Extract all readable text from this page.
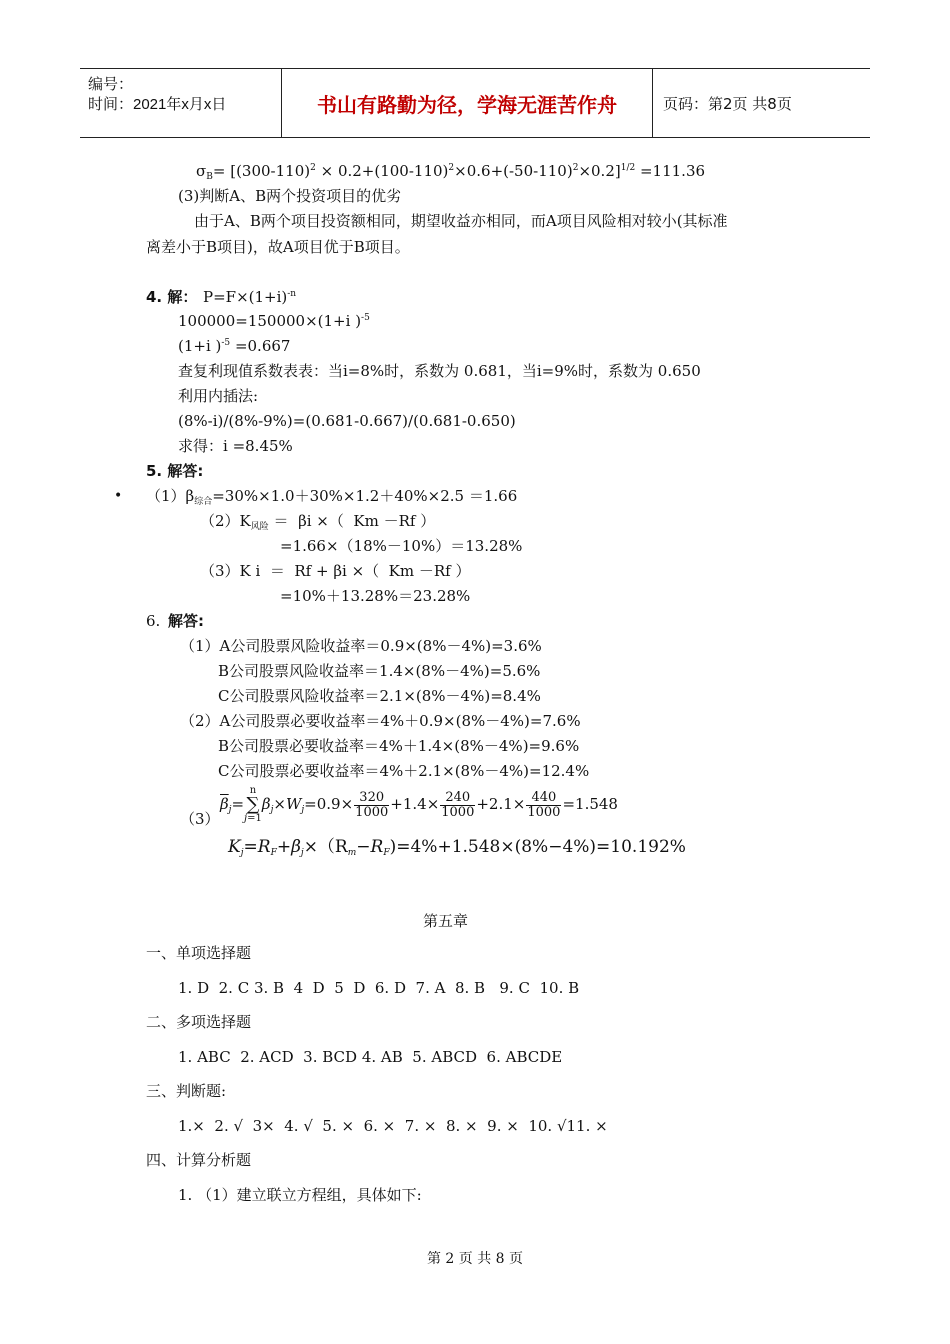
编号：
时间：2021年x月x日	书山有路勤为径，学海无涯苦作舟	页码：第2页 共8页
$\sigma_B= [(300-110)^2 \times 0.2+(100-110)^2\times 0.6+(-50-110)^2\times 0.2]^{1/2} =111.36$
(3)判断A、B两个投资项目的优劣
由于A、B两个项目投资额相同，期望收益亦相同，而A项目风险相对较小(其标准
离差小于B项目)，故A项目优于B项目。
4. 解： $P=F\times(1+i)^{-n}$
100000=150000×(1+i )$^{-5}$
(1+i )$^{-5}$ =0.667
查复利现值系数表表：当i=8%时，系数为 0.681，当i=9%时，系数为 0.650
利用内插法:
(8%-i)/(8%-9%)=(0.681-0.667)/(0.681-0.650)
求得：i =8.45%
5. 解答:
• $(1)\beta_{综合}=30\%\times 1.0+30\%\times 1.2+40\%\times 2.5 =1.66$
$(2)K_{风险} = \beta i$ ×（  Km －Rf ）
=1.66×（18%－10%）＝13.28%
（3）K i  ＝  Rf + βi ×（  Km －Rf ）
=10%＋13.28%＝23.28%
6. 解答:
（1）A公司股票风险收益率＝0.9×(8%－4%)=3.6%
B公司股票风险收益率＝1.4×(8%－4%)=5.6%
C公司股票风险收益率＝2.1×(8%－4%)=8.4%
（2）A公司股票必要收益率＝4%＋0.9×(8%－4%)=7.6%
B公司股票必要收益率＝4%＋1.4×(8%－4%)=9.6%
C公司股票必要收益率＝4%＋2.1×(8%－4%)=12.4%
$\overline{\beta}_j=$
n
∑
j=1
$\beta_j\times W_j=0.9\times \frac{320}{1000} +1.4\times \frac{240}{1000} +2.1\times \frac{440}{1000} =1.548$
（3）
$K_j=R_F+\beta_j\times(R_m-R_F)=4\%+1.548\times(8\%-4\%)=10.192\%$
第五章
一、单项选择题
1. D  2. C 3. B  4  D  5  D  6. D  7. A  8. B   9. C  10. B
二、多项选择题
1. ABC  2. ACD  3. BCD 4. AB  5. ABCD  6. ABCDE
三、判断题:
1.×  2. √  3×  4. √  5. ×  6. ×  7. ×  8. ×  9. ×  10. √11. ×
四、计算分析题
1. （1）建立联立方程组，具体如下:
第 2 页 共 8 页
